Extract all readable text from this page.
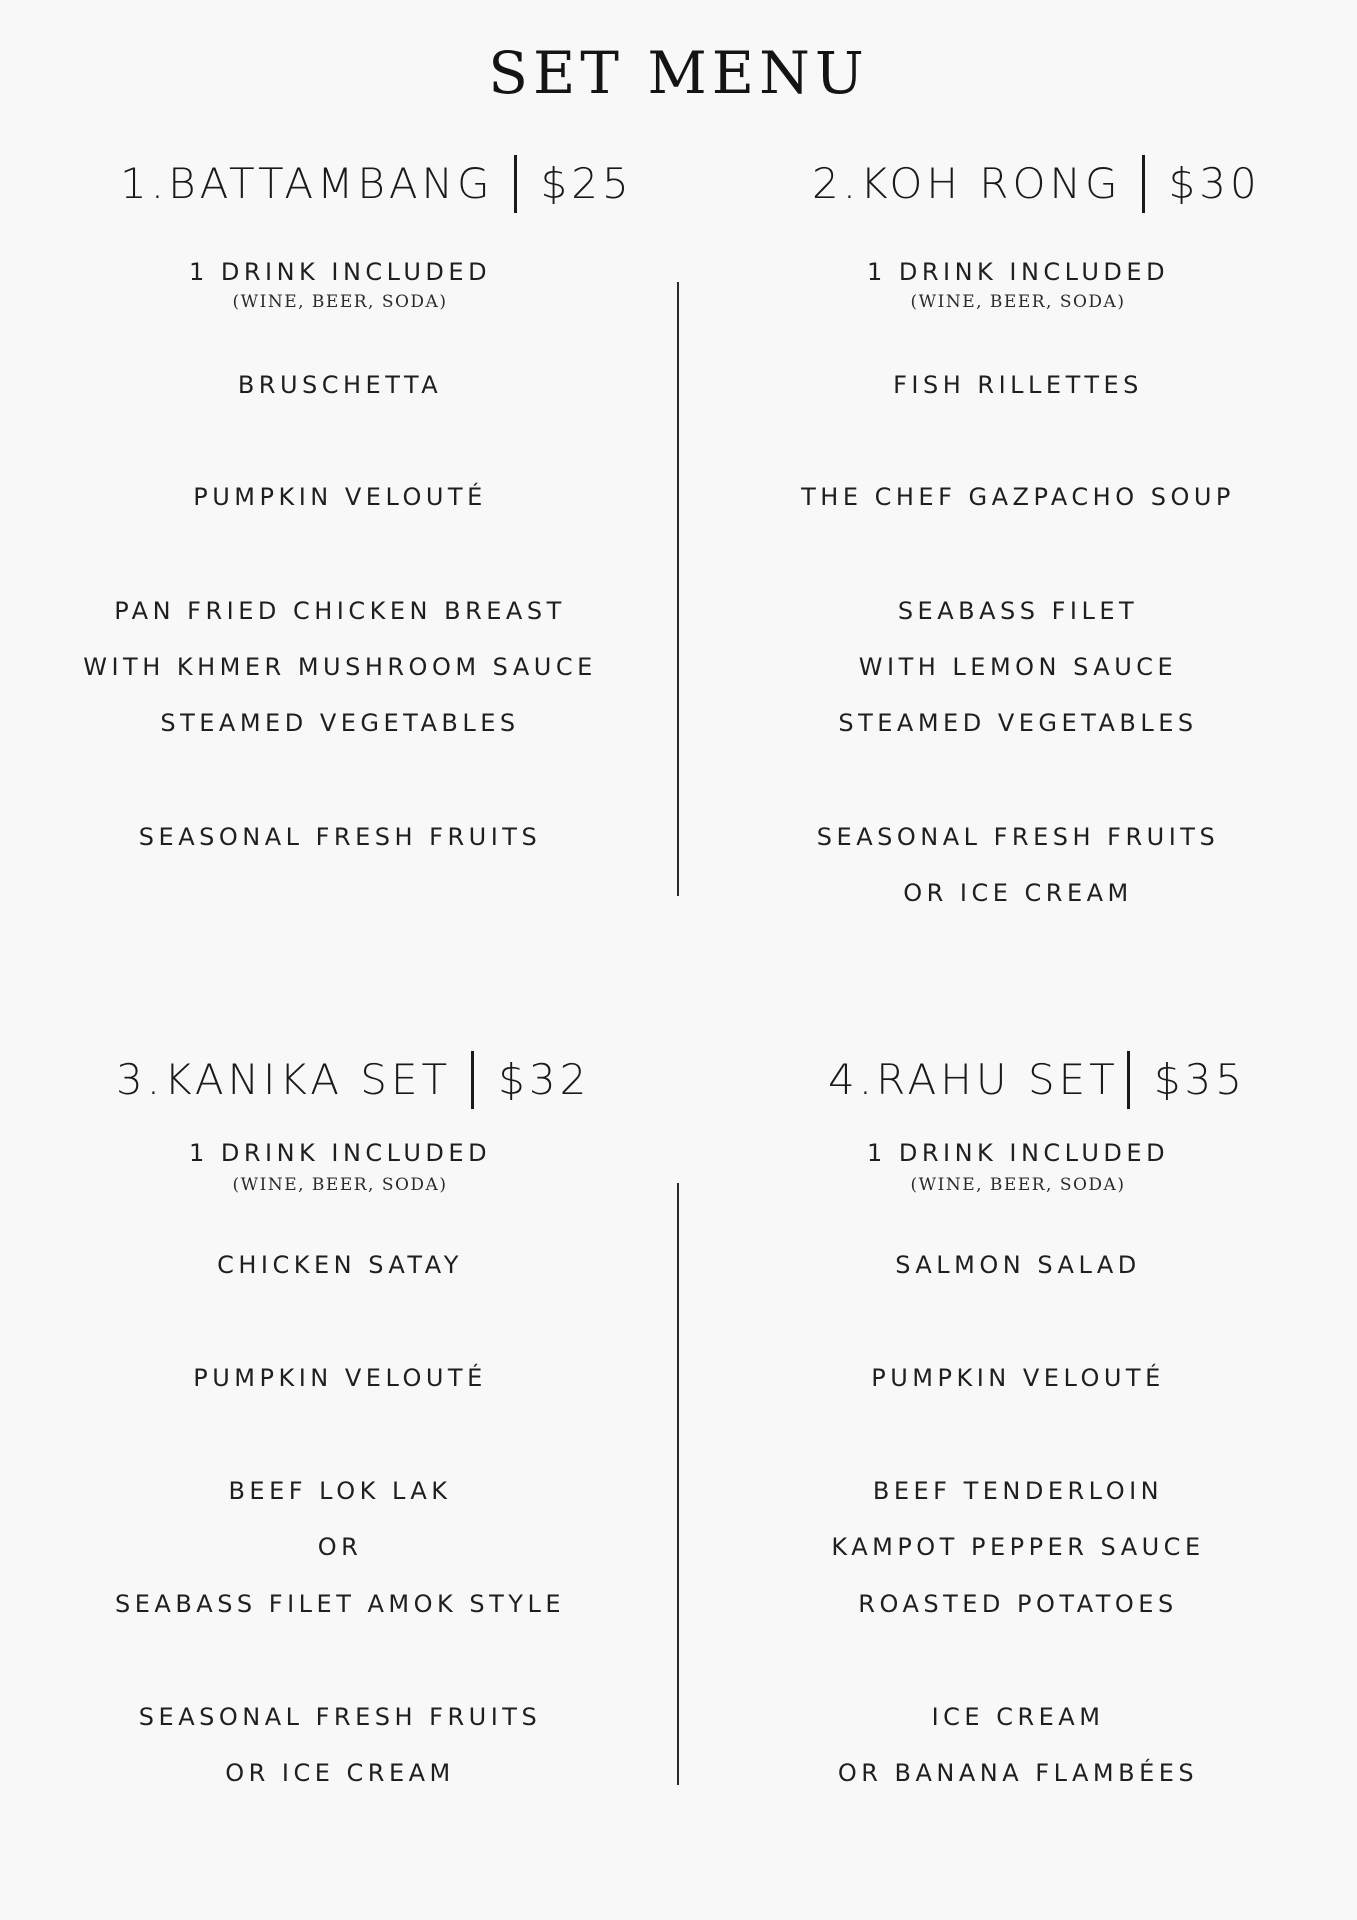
SET MENU
1.BATTAMBANG $25
1 DRINK INCLUDED
(WINE, BEER, SODA)
BRUSCHETTA
PUMPKIN VELOUTÉ
PAN FRIED CHICKEN BREAST
WITH KHMER MUSHROOM SAUCE
STEAMED VEGETABLES
SEASONAL FRESH FRUITS
2.KOH RONG $30
1 DRINK INCLUDED
(WINE, BEER, SODA)
FISH RILLETTES
THE CHEF GAZPACHO SOUP
SEABASS FILET
WITH LEMON SAUCE
STEAMED VEGETABLES
SEASONAL FRESH FRUITS
OR ICE CREAM
3.KANIKA SET $32
1 DRINK INCLUDED
(WINE, BEER, SODA)
CHICKEN SATAY
PUMPKIN VELOUTÉ
BEEF LOK LAK
OR
SEABASS FILET AMOK STYLE
SEASONAL FRESH FRUITS
OR ICE CREAM
4.RAHU SET $35
1 DRINK INCLUDED
(WINE, BEER, SODA)
SALMON SALAD
PUMPKIN VELOUTÉ
BEEF TENDERLOIN
KAMPOT PEPPER SAUCE
ROASTED POTATOES
ICE CREAM
OR BANANA FLAMBÉES
